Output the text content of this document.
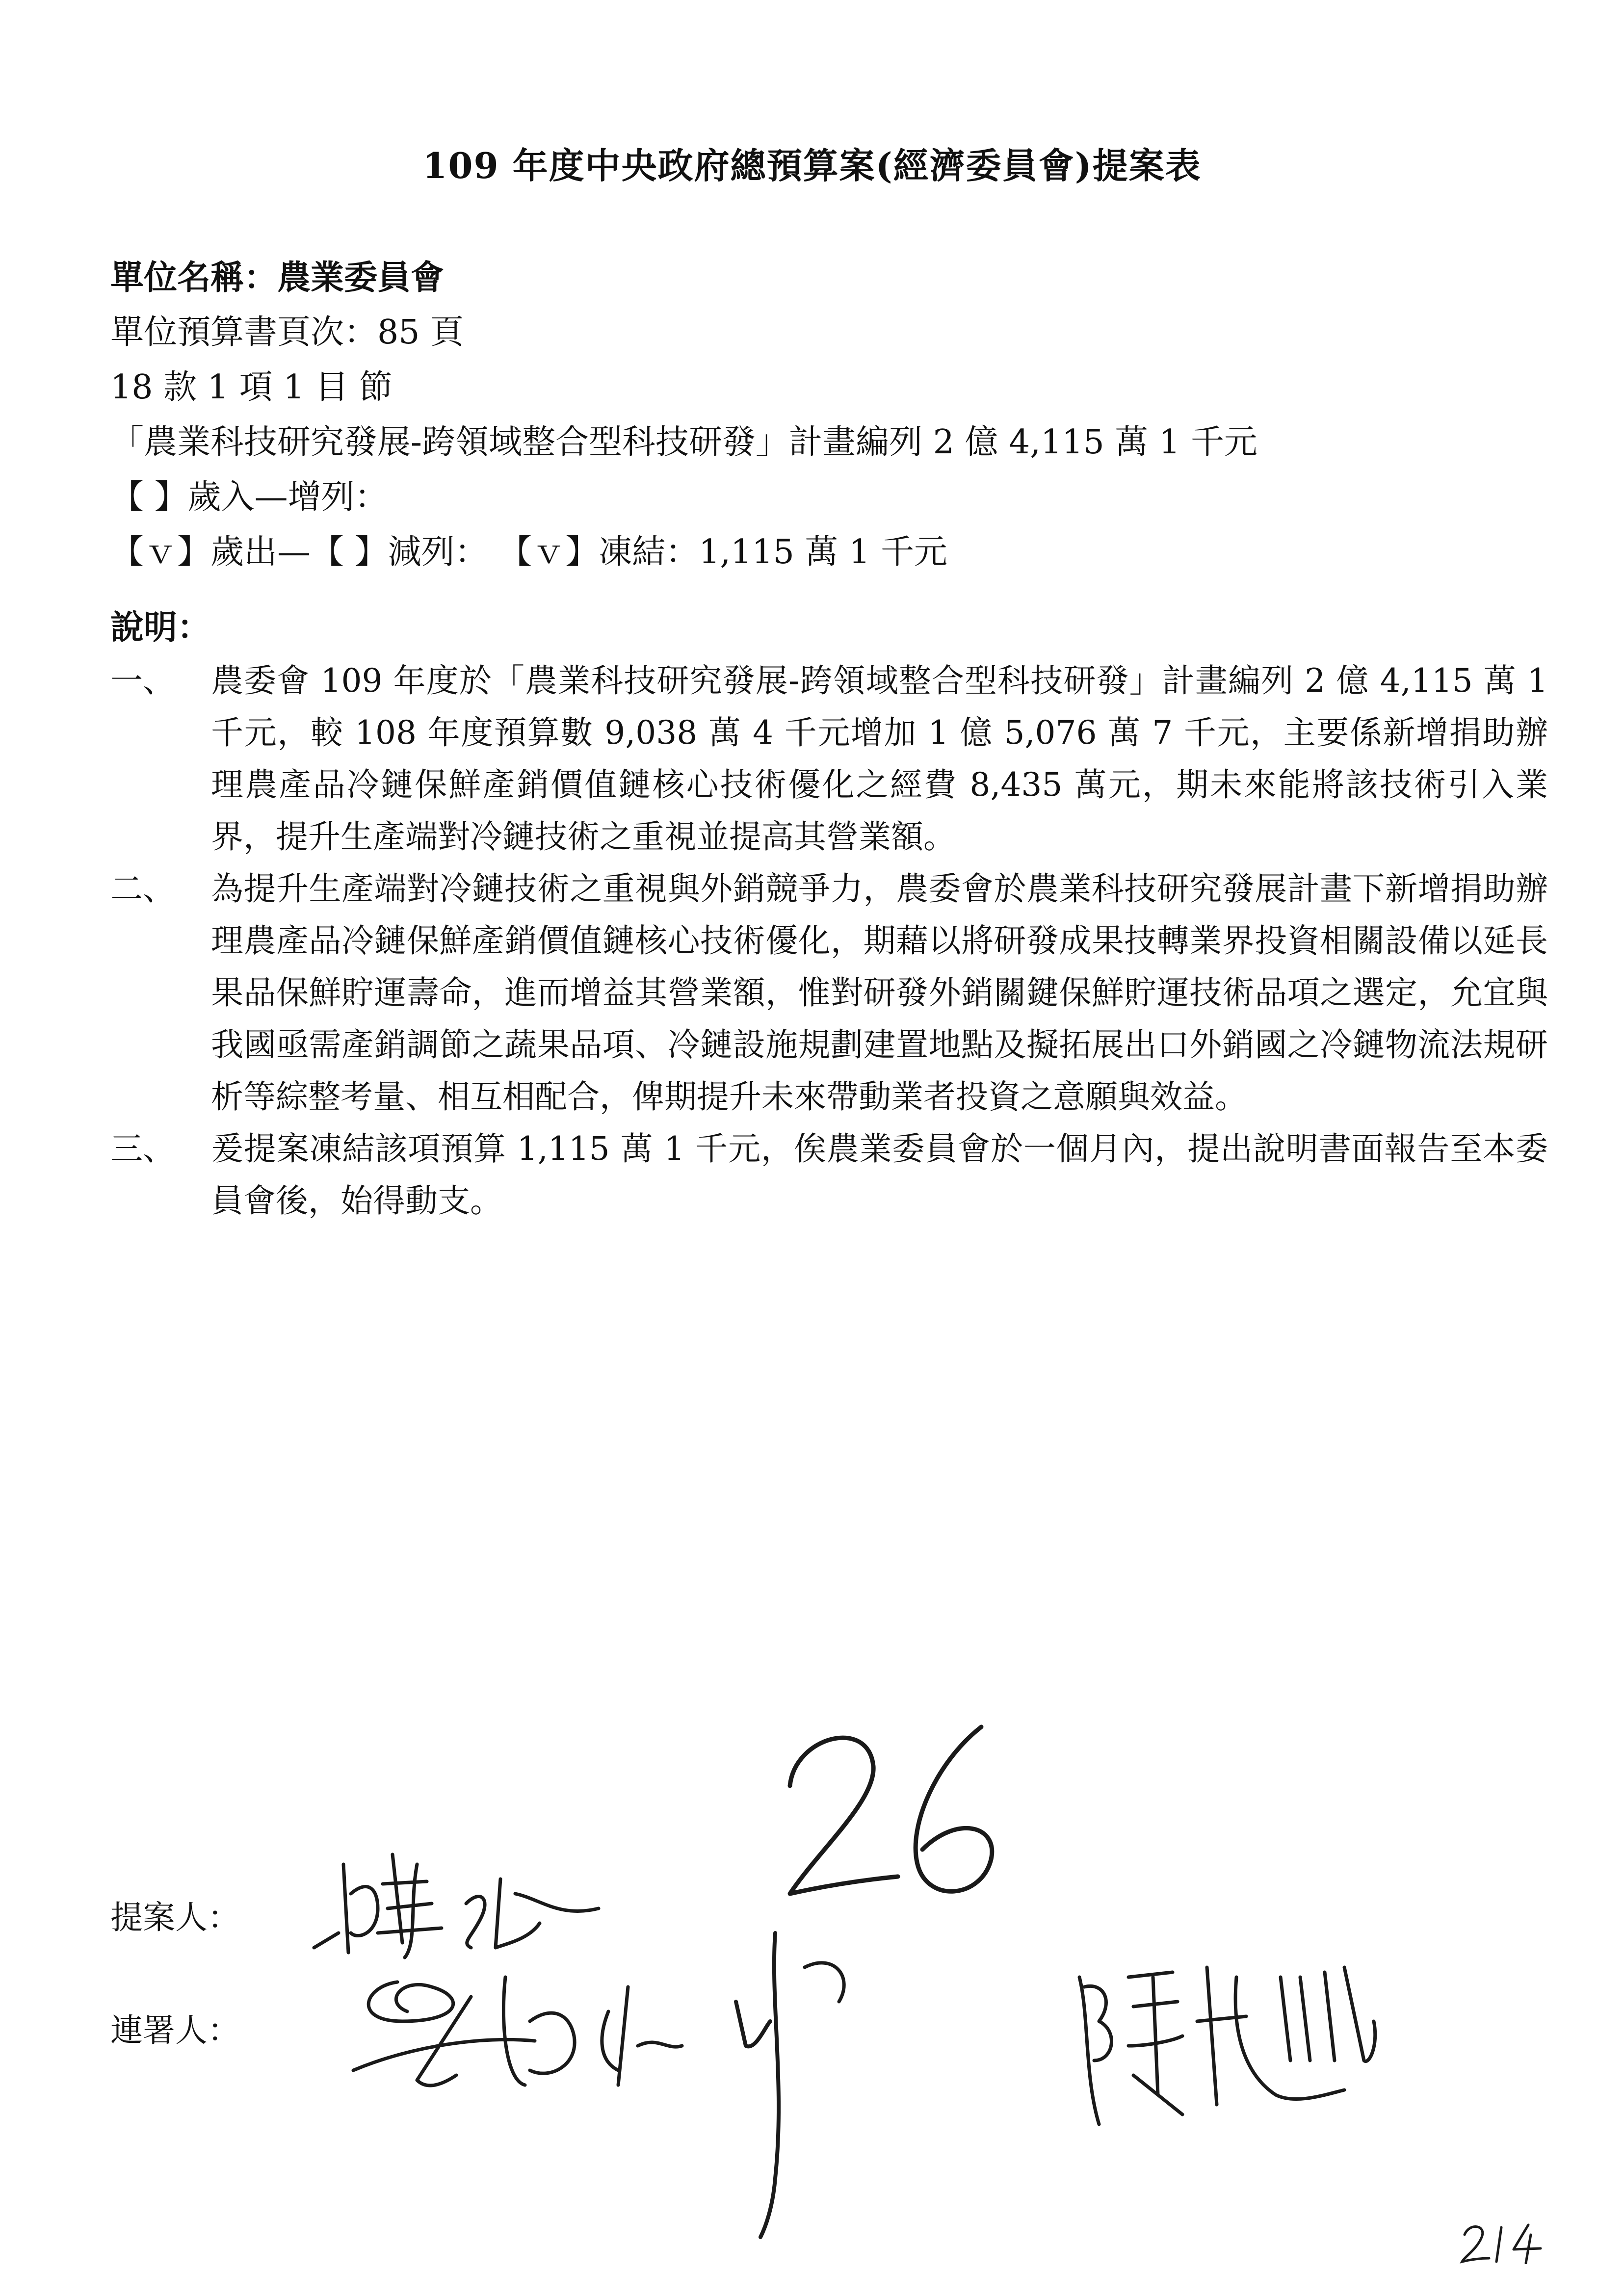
109 年度中央政府總預算案(經濟委員會)提案表
單位名稱：農業委員會
單位預算書頁次：85 頁
18 款 1 項 1 目 節
「農業科技研究發展-跨領域整合型科技研發」計畫編列 2 億 4,115 萬 1 千元
【 】歲入—增列：
【ｖ】歲出—【 】減列： 【ｖ】凍結：1,115 萬 1 千元
說明：
一、	農委會 109 年度於「農業科技研究發展-跨領域整合型科技研發」計畫編列 2 億 4,115 萬 1 千元，較 108 年度預算數 9,038 萬 4 千元增加 1 億 5,076 萬 7 千元，主要係新增捐助辦理農產品冷鏈保鮮產銷價值鏈核心技術優化之經費 8,435 萬元，期未來能將該技術引入業界，提升生產端對冷鏈技術之重視並提高其營業額。
二、	為提升生產端對冷鏈技術之重視與外銷競爭力，農委會於農業科技研究發展計畫下新增捐助辦理農產品冷鏈保鮮產銷價值鏈核心技術優化，期藉以將研發成果技轉業界投資相關設備以延長果品保鮮貯運壽命，進而增益其營業額，惟對研發外銷關鍵保鮮貯運技術品項之選定，允宜與我國亟需產銷調節之蔬果品項、冷鏈設施規劃建置地點及擬拓展出口外銷國之冷鏈物流法規研析等綜整考量、相互相配合，俾期提升未來帶動業者投資之意願與效益。
三、	爰提案凍結該項預算 1,115 萬 1 千元，俟農業委員會於一個月內，提出說明書面報告至本委員會後，始得動支。
提案人：
連署人：
